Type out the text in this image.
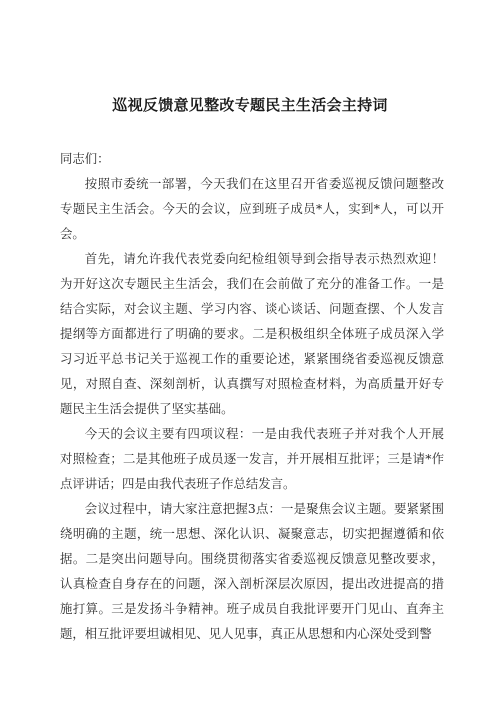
巡视反馈意见整改专题民主生活会主持词

同志们：

按照市委统一部署，今天我们在这里召开省委巡视反馈问题整改专题民主生活会。今天的会议，应到班子成员*人，实到*人，可以开会。

首先，请允许我代表党委向纪检组领导到会指导表示热烈欢迎！为开好这次专题民主生活会，我们在会前做了充分的准备工作。一是结合实际，对会议主题、学习内容、谈心谈话、问题查摆、个人发言提纲等方面都进行了明确的要求。二是积极组织全体班子成员深入学习习近平总书记关于巡视工作的重要论述，紧紧围绕省委巡视反馈意见，对照自查、深刻剖析，认真撰写对照检查材料，为高质量开好专题民主生活会提供了坚实基础。

今天的会议主要有四项议程：一是由我代表班子并对我个人开展对照检查；二是其他班子成员逐一发言，并开展相互批评；三是请*作点评讲话；四是由我代表班子作总结发言。

会议过程中，请大家注意把握3点：一是聚焦会议主题。要紧紧围绕明确的主题，统一思想、深化认识、凝聚意志，切实把握遵循和依据。二是突出问题导向。围绕贯彻落实省委巡视反馈意见整改要求，认真检查自身存在的问题，深入剖析深层次原因，提出改进提高的措施打算。三是发扬斗争精神。班子成员自我批评要开门见山、直奔主题，相互批评要坦诚相见、见人见事，真正从思想和内心深处受到警
